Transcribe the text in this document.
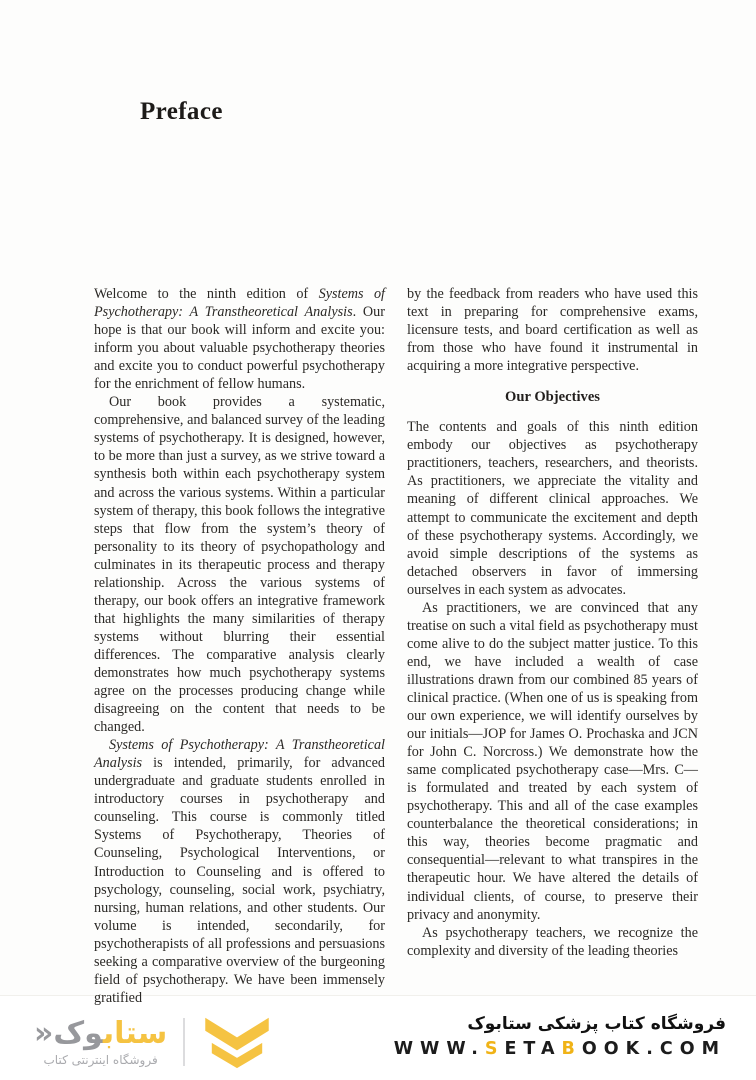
Preface

Welcome to the ninth edition of Systems of Psychotherapy: A Transtheoretical Analysis. Our hope is that our book will inform and excite you: inform you about valuable psychotherapy theories and excite you to conduct powerful psychotherapy for the enrichment of fellow humans.

Our book provides a systematic, comprehensive, and balanced survey of the leading systems of psychotherapy. It is designed, however, to be more than just a survey, as we strive toward a synthesis both within each psychotherapy system and across the various systems. Within a particular system of therapy, this book follows the integrative steps that flow from the system’s theory of personality to its theory of psychopathology and culminates in its therapeutic process and therapy relationship. Across the various systems of therapy, our book offers an integrative framework that highlights the many similarities of therapy systems without blurring their essential differences. The comparative analysis clearly demonstrates how much psychotherapy systems agree on the processes producing change while disagreeing on the content that needs to be changed.

Systems of Psychotherapy: A Transtheoretical Analysis is intended, primarily, for advanced undergraduate and graduate students enrolled in introductory courses in psychotherapy and counseling. This course is commonly titled Systems of Psychotherapy, Theories of Counseling, Psychological Interventions, or Introduction to Counseling and is offered to psychology, counseling, social work, psychiatry, nursing, human relations, and other students. Our volume is intended, secondarily, for psychotherapists of all professions and persuasions seeking a comparative overview of the burgeoning field of psychotherapy. We have been immensely gratified

by the feedback from readers who have used this text in preparing for comprehensive exams, licensure tests, and board certification as well as from those who have found it instrumental in acquiring a more integrative perspective.

Our Objectives

The contents and goals of this ninth edition embody our objectives as psychotherapy practitioners, teachers, researchers, and theorists. As practitioners, we appreciate the vitality and meaning of different clinical approaches. We attempt to communicate the excitement and depth of these psychotherapy systems. Accordingly, we avoid simple descriptions of the systems as detached observers in favor of immersing ourselves in each system as advocates.

As practitioners, we are convinced that any treatise on such a vital field as psychotherapy must come alive to do the subject matter justice. To this end, we have included a wealth of case illustrations drawn from our combined 85 years of clinical practice. (When one of us is speaking from our own experience, we will identify ourselves by our initials—JOP for James O. Prochaska and JCN for John C. Norcross.) We demonstrate how the same complicated psychotherapy case—Mrs. C—is formulated and treated by each system of psychotherapy. This and all of the case examples counterbalance the theoretical considerations; in this way, theories become pragmatic and consequential—relevant to what transpires in the therapeutic hour. We have altered the details of individual clients, of course, to preserve their privacy and anonymity.

As psychotherapy teachers, we recognize the complexity and diversity of the leading theories

ستابوک«
فروشگاه اینترنتی کتاب
فروشگاه کتاب پزشکی ستابوک
WWW.SETABOOK.COM
